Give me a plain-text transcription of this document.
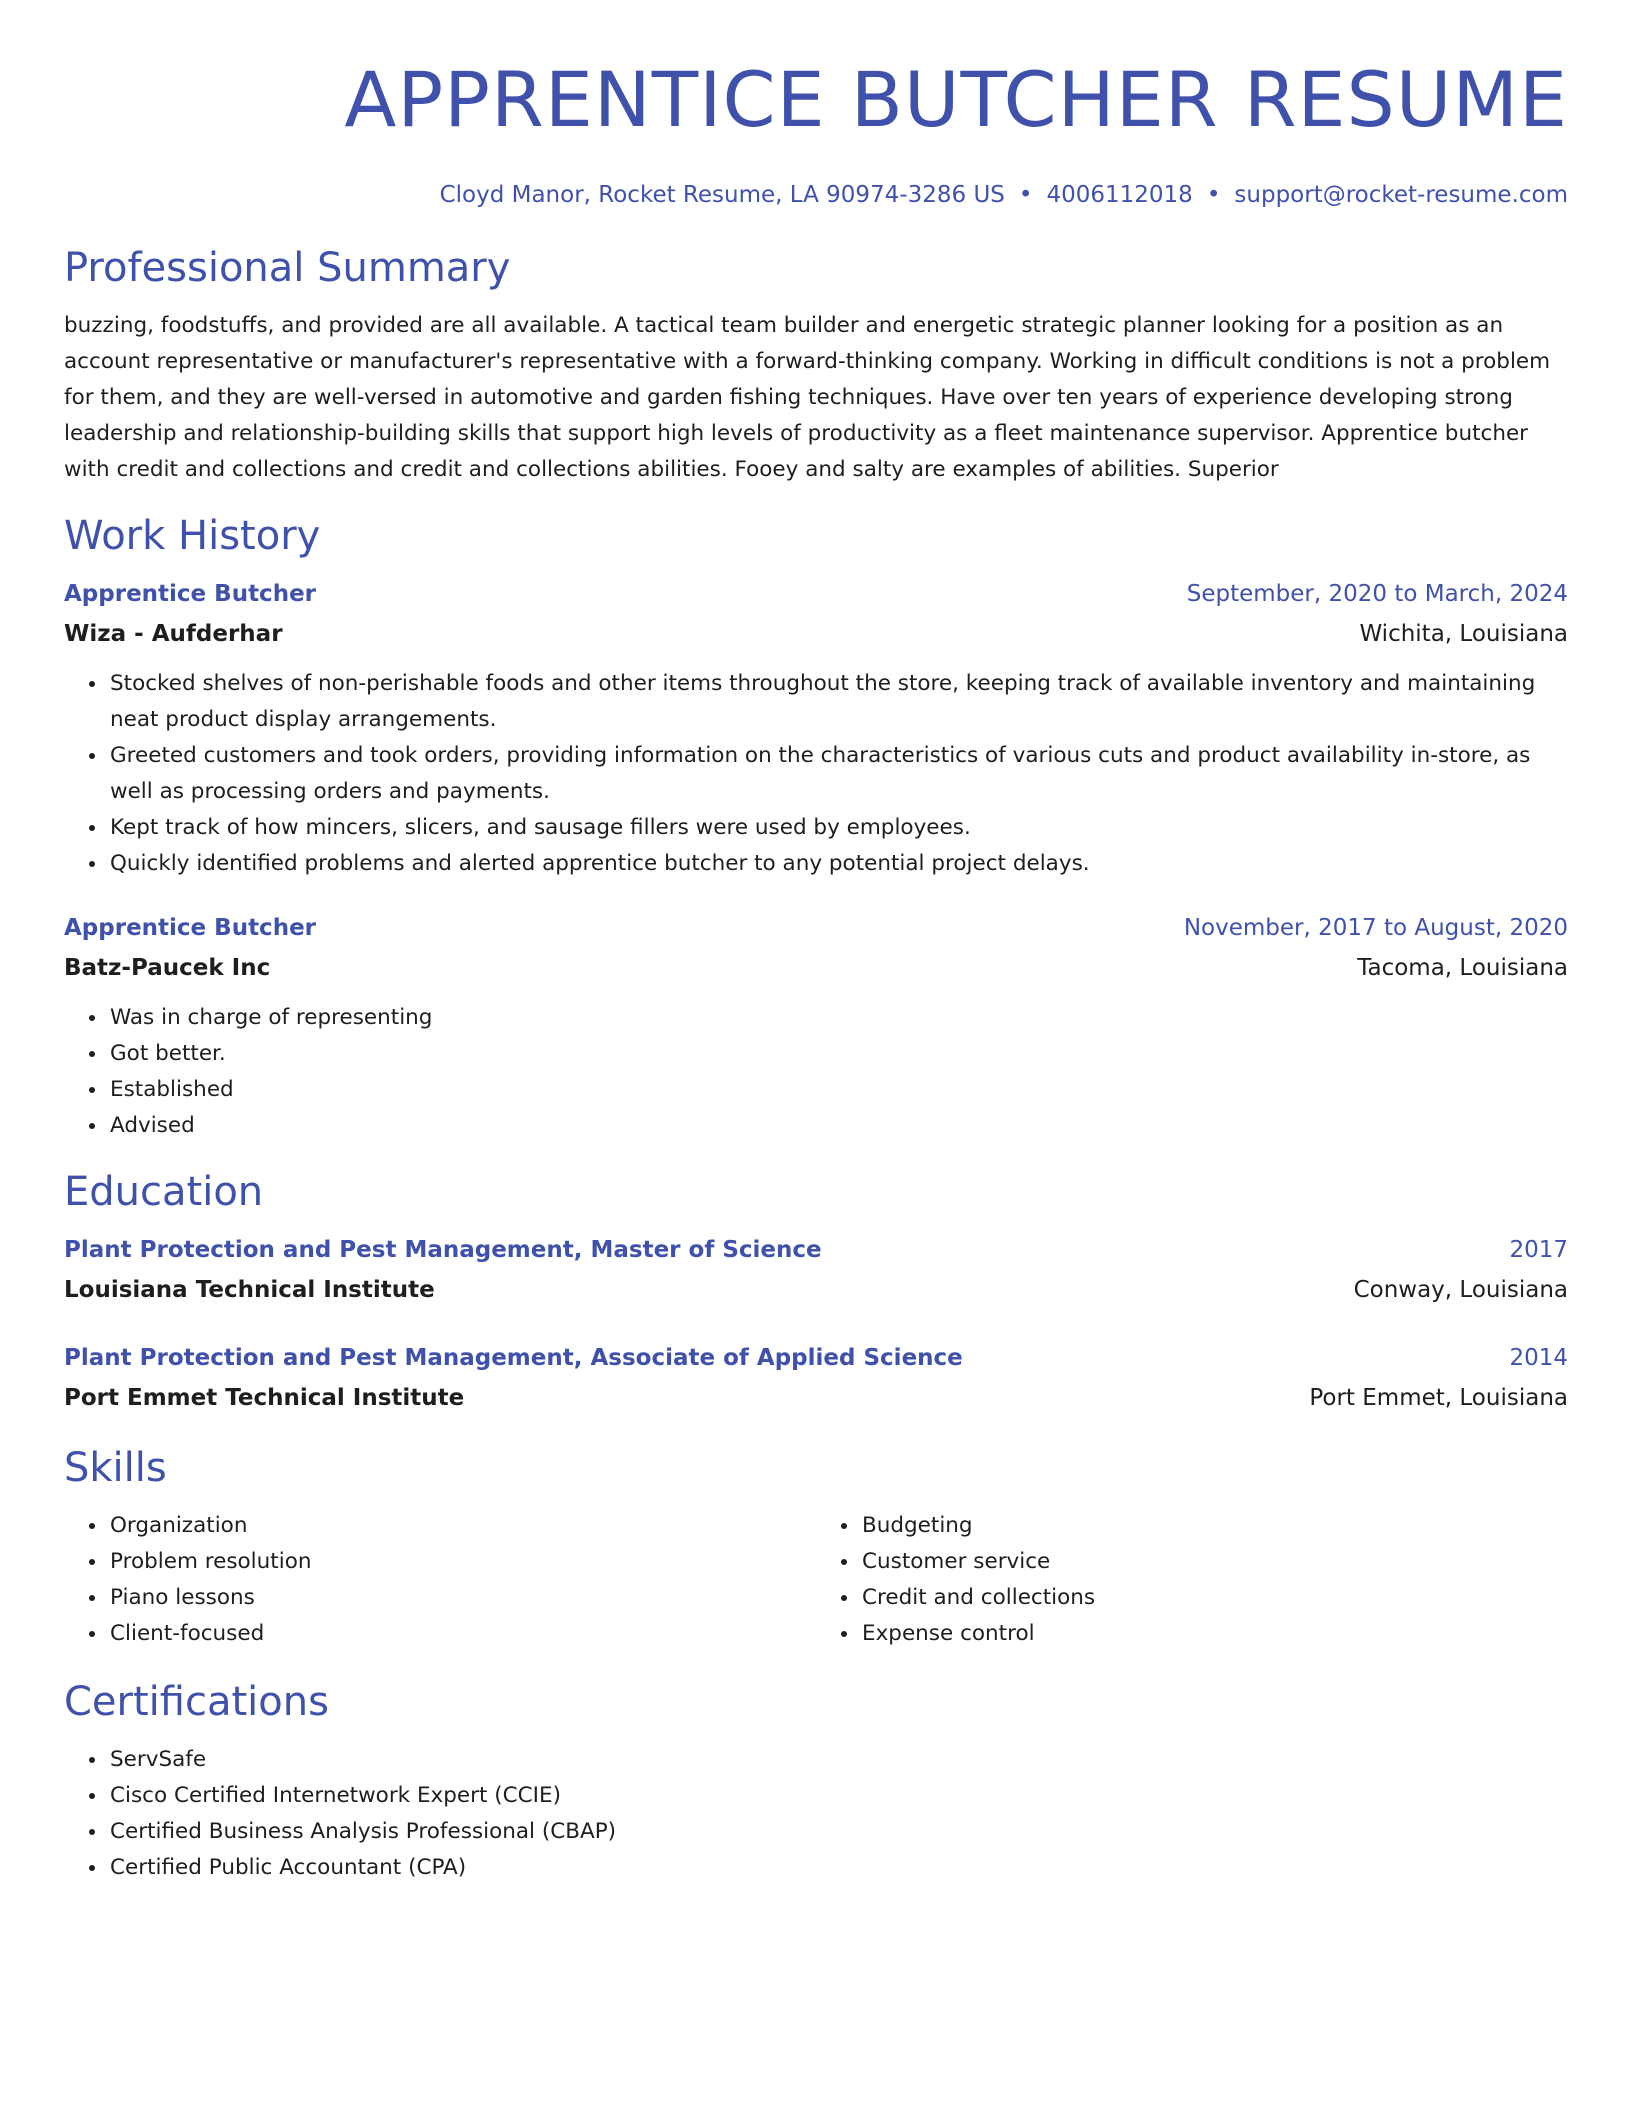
APPRENTICE BUTCHER RESUME
Cloyd Manor, Rocket Resume, LA 90974-3286 US • 4006112018 • support@rocket-resume.com
Professional Summary
buzzing, foodstuffs, and provided are all available. A tactical team builder and energetic strategic planner looking for a position as an account representative or manufacturer's representative with a forward-thinking company. Working in difficult conditions is not a problem for them, and they are well-versed in automotive and garden fishing techniques. Have over ten years of experience developing strong leadership and relationship-building skills that support high levels of productivity as a fleet maintenance supervisor. Apprentice butcher with credit and collections and credit and collections abilities. Fooey and salty are examples of abilities. Superior
Work History
Apprentice Butcher	September, 2020 to March, 2024
Wiza - Aufderhar	Wichita, Louisiana
• Stocked shelves of non-perishable foods and other items throughout the store, keeping track of available inventory and maintaining neat product display arrangements.
• Greeted customers and took orders, providing information on the characteristics of various cuts and product availability in-store, as well as processing orders and payments.
• Kept track of how mincers, slicers, and sausage fillers were used by employees.
• Quickly identified problems and alerted apprentice butcher to any potential project delays.
Apprentice Butcher	November, 2017 to August, 2020
Batz-Paucek Inc	Tacoma, Louisiana
• Was in charge of representing
• Got better.
• Established
• Advised
Education
Plant Protection and Pest Management, Master of Science	2017
Louisiana Technical Institute	Conway, Louisiana
Plant Protection and Pest Management, Associate of Applied Science	2014
Port Emmet Technical Institute	Port Emmet, Louisiana
Skills
• Organization
• Problem resolution
• Piano lessons
• Client-focused
• Budgeting
• Customer service
• Credit and collections
• Expense control
Certifications
• ServSafe
• Cisco Certified Internetwork Expert (CCIE)
• Certified Business Analysis Professional (CBAP)
• Certified Public Accountant (CPA)
